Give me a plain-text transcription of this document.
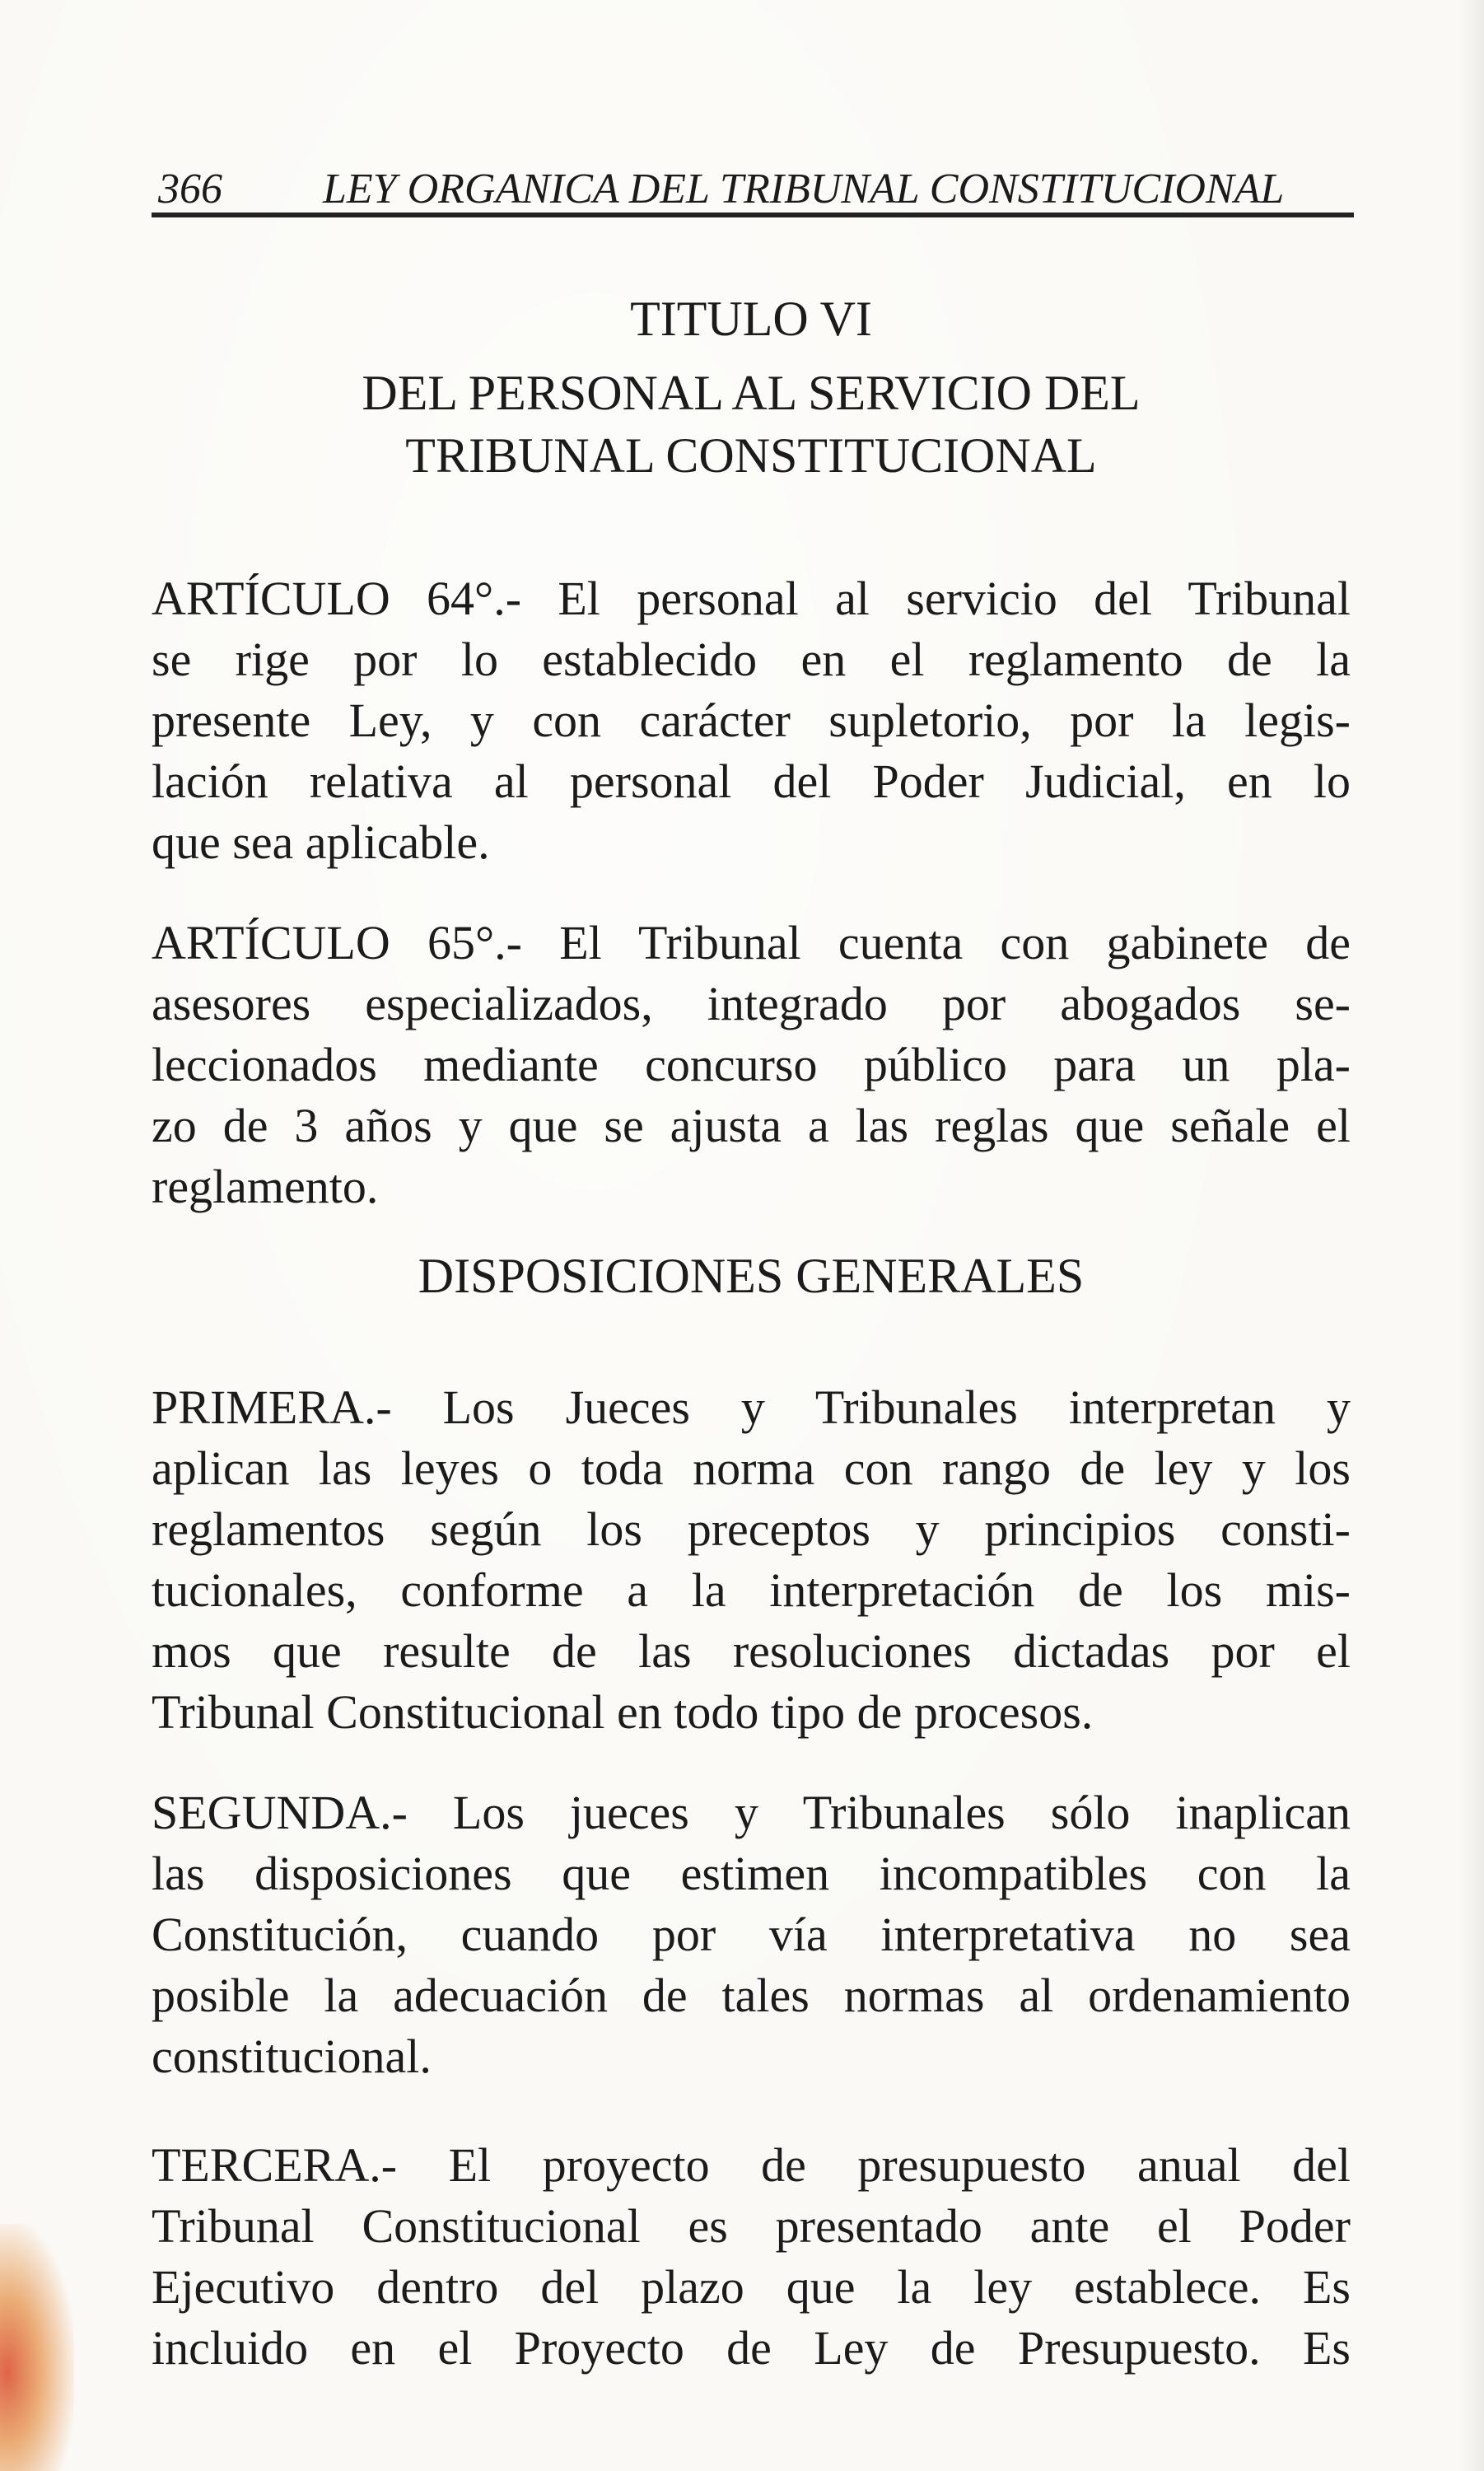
366 LEY ORGANICA DEL TRIBUNAL CONSTITUCIONAL
TITULO VI
DEL PERSONAL AL SERVICIO DEL
TRIBUNAL CONSTITUCIONAL
ARTÍCULO 64°.- El personal al servicio del Tribunal
se rige por lo establecido en el reglamento de la
presente Ley, y con carácter supletorio, por la legis-
lación relativa al personal del Poder Judicial, en lo
que sea aplicable.
ARTÍCULO 65°.- El Tribunal cuenta con gabinete de
asesores especializados, integrado por abogados se-
leccionados mediante concurso público para un pla-
zo de 3 años y que se ajusta a las reglas que señale el
reglamento.
DISPOSICIONES GENERALES
PRIMERA.- Los Jueces y Tribunales interpretan y
aplican las leyes o toda norma con rango de ley y los
reglamentos según los preceptos y principios consti-
tucionales, conforme a la interpretación de los mis-
mos que resulte de las resoluciones dictadas por el
Tribunal Constitucional en todo tipo de procesos.
SEGUNDA.- Los jueces y Tribunales sólo inaplican
las disposiciones que estimen incompatibles con la
Constitución, cuando por vía interpretativa no sea
posible la adecuación de tales normas al ordenamiento
constitucional.
TERCERA.- El proyecto de presupuesto anual del
Tribunal Constitucional es presentado ante el Poder
Ejecutivo dentro del plazo que la ley establece. Es
incluido en el Proyecto de Ley de Presupuesto. Es
